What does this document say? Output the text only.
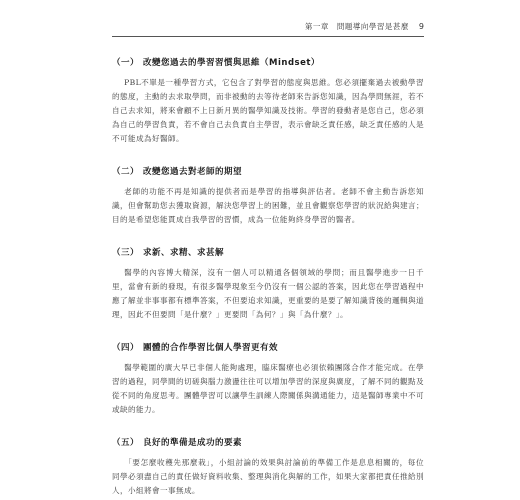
第一章　問題導向學習是甚麼 9
（一） 改變您過去的學習習慣與思維（Mindset）

PBL不單是一種學習方式，它包含了對學習的態度與思維。您必須擺棄過去被動學習的態度，主動的去求取學問，而非被動的去等待老師來告訴您知識，因為學問無涯，若不自己去求知，將來會顧不上日新月異的醫學知識及技術。學習的發動者是您自己，您必須為自己的學習負責，若不會自己去負責自主學習，表示會缺乏責任感，缺乏責任感的人是不可能成為好醫師。

（二） 改變您過去對老師的期望

老師的功能不再是知識的提供者而是學習的指導與評估者。老師不會主動告訴您知識，但會幫助您去獲取資源，解決您學習上的困難，並且會觀察您學習的狀況給與建言；目的是希望您能貫成自我學習的習慣，成為一位能夠終身學習的醫者。

（三） 求新、求精、求甚解

醫學的內容博大精深，沒有一個人可以精通各個領域的學問；而且醫學進步一日千里，當會有新的發現，有很多醫學現象至今仍沒有一個公認的答案，因此您在學習過程中應了解並非事事都有標準答案，不但要追求知識，更重要的是要了解知識背後的邏輯與道理，因此不但要問「是什麼？」更要問「為何？」與「為什麼？」。

（四） 團體的合作學習比個人學習更有效

醫學範圍的廣大早已非個人能夠處理，臨床醫療也必須依賴團隊合作才能完成。在學習的過程，同學間的切磋與腦力激盪往往可以增加學習的深度與廣度，了解不同的觀點及從不同的角度思考。團體學習可以讓學生訓練人際關係與溝通能力，這是醫師專業中不可或缺的能力。

（五） 良好的準備是成功的要素

「要怎麼收穫先那麼栽」，小組討論的效果與討論前的準備工作是息息相關的，每位同學必須盡自己的責任做好資料收集、整理與消化與解的工作，如果大家都把責任推給別人，小組將會一事無成。
